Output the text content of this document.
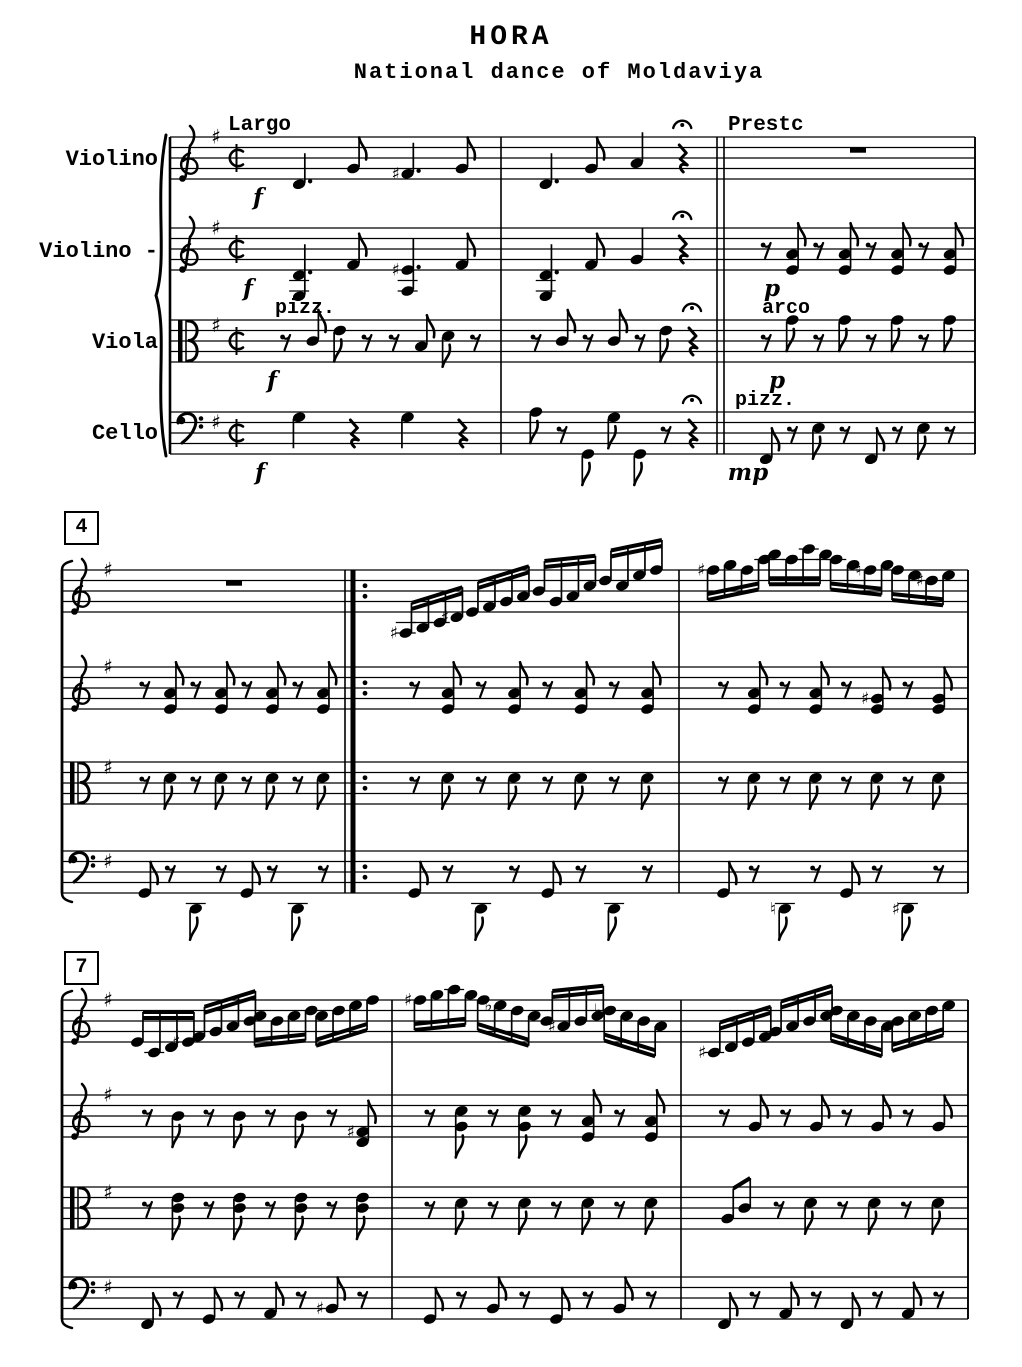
♯
♯
♯
♯
♯
♯
Largo	Prestc
f
f	p
pizz.
f
arco
p
f
pizz.
mp
♯
♯
♯
♯	♮
♯
♯
♯
♯
♯
♮	♯
♯
♯
♯	♭
♯
♭
♯
♯
♯
♯
♯
♯
HORA
National dance of Moldaviya
Violino
Violino -
Viola
Cello
4
7
